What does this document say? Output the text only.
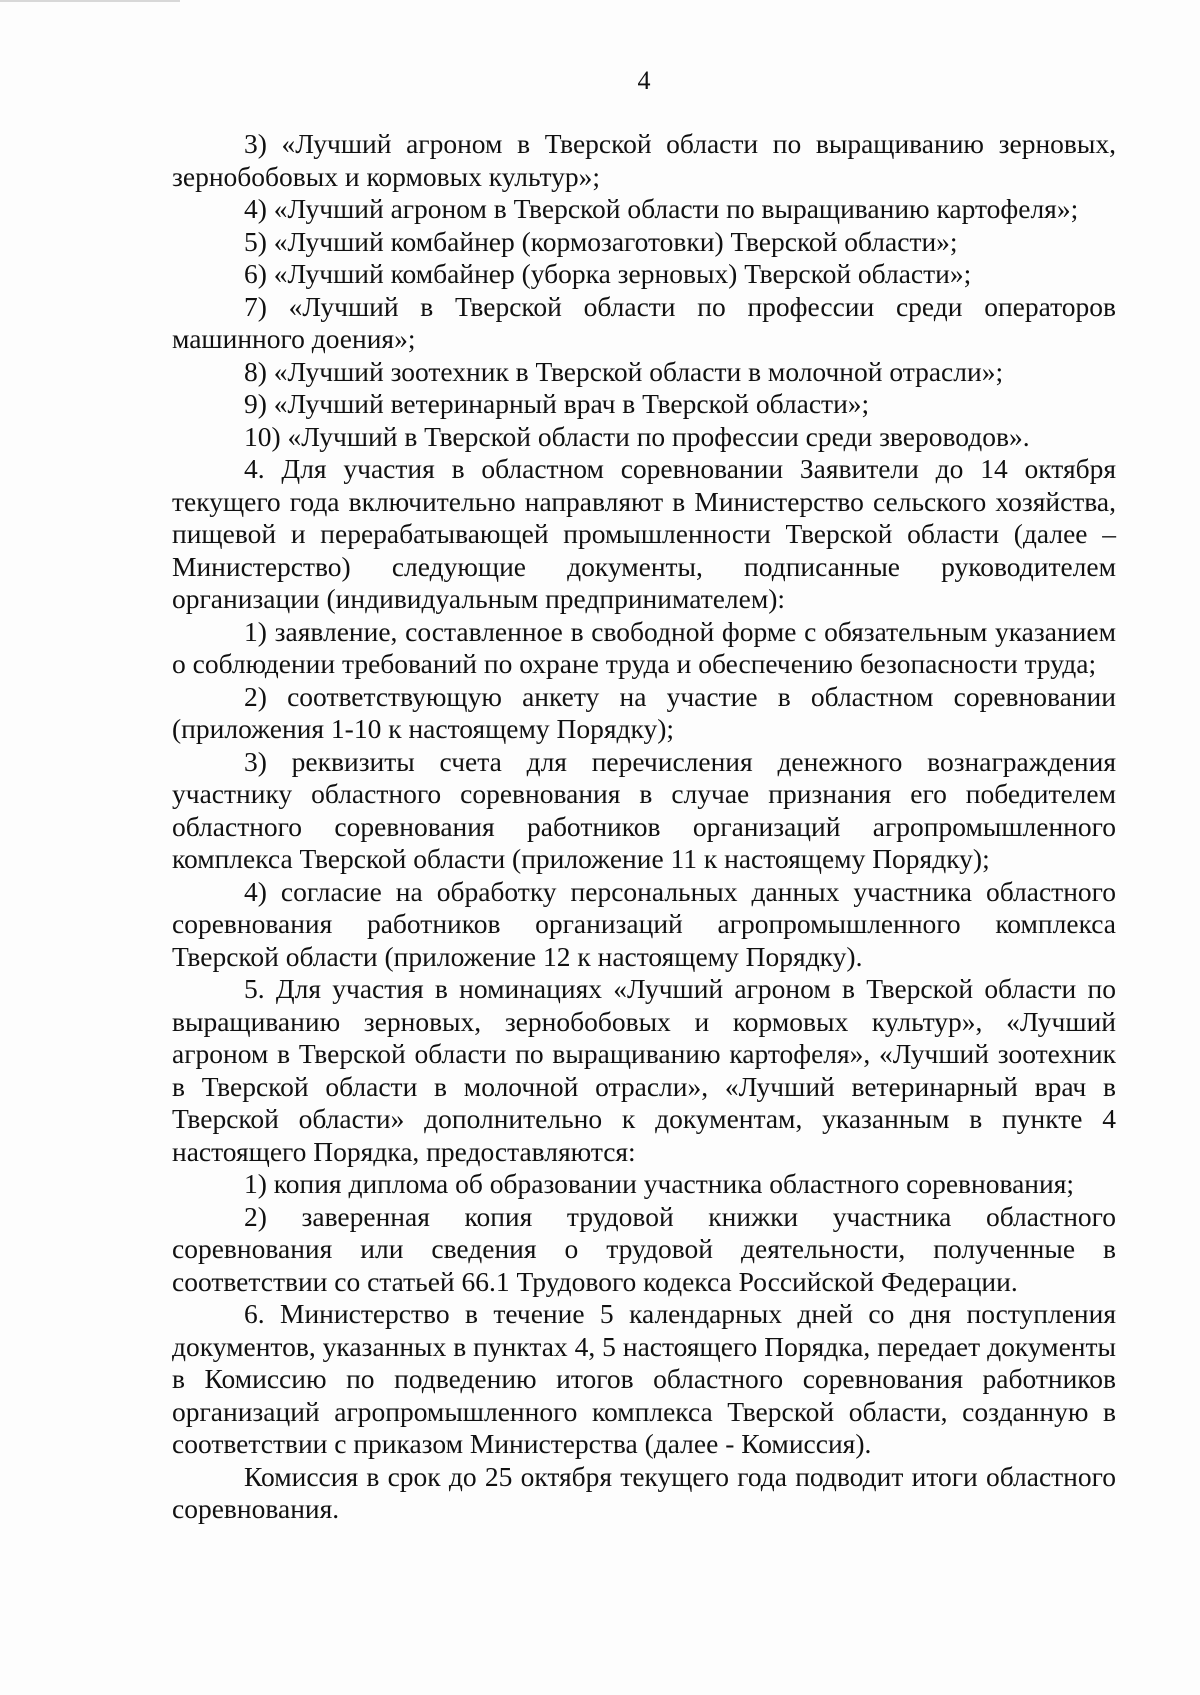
4

3) «Лучший агроном в Тверской области по выращиванию зерновых, зернобобовых и кормовых культур»;

4) «Лучший агроном в Тверской области по выращиванию картофеля»;

5) «Лучший комбайнер (кормозаготовки) Тверской области»;

6) «Лучший комбайнер (уборка зерновых) Тверской области»;

7) «Лучший в Тверской области по профессии среди операторов машинного доения»;

8) «Лучший зоотехник в Тверской области в молочной отрасли»;

9) «Лучший ветеринарный врач в Тверской области»;

10) «Лучший в Тверской области по профессии среди звероводов».

4. Для участия в областном соревновании Заявители до 14 октября текущего года включительно направляют в Министерство сельского хозяйства, пищевой и перерабатывающей промышленности Тверской области (далее – Министерство) следующие документы, подписанные руководителем организации (индивидуальным предпринимателем):

1) заявление, составленное в свободной форме с обязательным указанием о соблюдении требований по охране труда и обеспечению безопасности труда;

2) соответствующую анкету на участие в областном соревновании (приложения 1-10 к настоящему Порядку);

3) реквизиты счета для перечисления денежного вознаграждения участнику областного соревнования в случае признания его победителем областного соревнования работников организаций агропромышленного комплекса Тверской области (приложение 11 к настоящему Порядку);

4) согласие на обработку персональных данных участника областного соревнования работников организаций агропромышленного комплекса Тверской области (приложение 12 к настоящему Порядку).

5. Для участия в номинациях «Лучший агроном в Тверской области по выращиванию зерновых, зернобобовых и кормовых культур», «Лучший агроном в Тверской области по выращиванию картофеля», «Лучший зоотехник в Тверской области в молочной отрасли», «Лучший ветеринарный врач в Тверской области» дополнительно к документам, указанным в пункте 4 настоящего Порядка, предоставляются:

1) копия диплома об образовании участника областного соревнования;

2) заверенная копия трудовой книжки участника областного соревнования или сведения о трудовой деятельности, полученные в соответствии со статьей 66.1 Трудового кодекса Российской Федерации.

6. Министерство в течение 5 календарных дней со дня поступления документов, указанных в пунктах 4, 5 настоящего Порядка, передает документы в Комиссию по подведению итогов областного соревнования работников организаций агропромышленного комплекса Тверской области, созданную в соответствии с приказом Министерства (далее - Комиссия).

Комиссия в срок до 25 октября текущего года подводит итоги областного соревнования.
